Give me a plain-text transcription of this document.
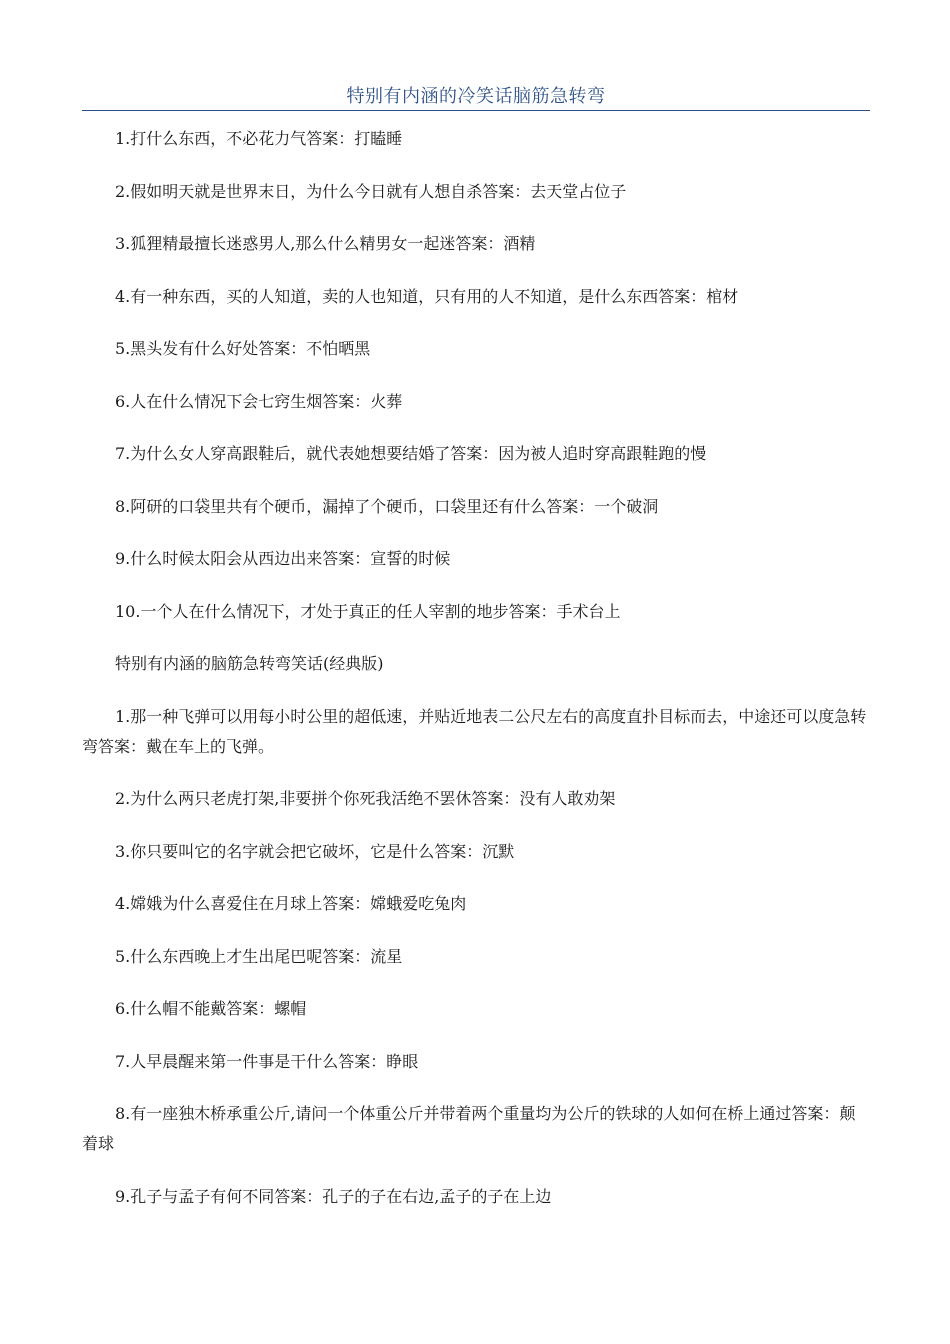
特别有内涵的冷笑话脑筋急转弯

1.打什么东西，不必花力气答案：打瞌睡

2.假如明天就是世界末日，为什么今日就有人想自杀答案：去天堂占位子

3.狐狸精最擅长迷惑男人,那么什么精男女一起迷答案：酒精

4.有一种东西，买的人知道，卖的人也知道，只有用的人不知道，是什么东西答案：棺材

5.黑头发有什么好处答案：不怕晒黑

6.人在什么情况下会七窍生烟答案：火葬

7.为什么女人穿高跟鞋后，就代表她想要结婚了答案：因为被人追时穿高跟鞋跑的慢

8.阿研的口袋里共有个硬币，漏掉了个硬币，口袋里还有什么答案：一个破洞

9.什么时候太阳会从西边出来答案：宣誓的时候

10.一个人在什么情况下，才处于真正的任人宰割的地步答案：手术台上

特别有内涵的脑筋急转弯笑话(经典版)

1.那一种飞弹可以用每小时公里的超低速，并贴近地表二公尺左右的高度直扑目标而去，中途还可以度急转弯答案：戴在车上的飞弹。

2.为什么两只老虎打架,非要拼个你死我活绝不罢休答案：没有人敢劝架

3.你只要叫它的名字就会把它破坏，它是什么答案：沉默

4.嫦娥为什么喜爱住在月球上答案：嫦蛾爱吃兔肉

5.什么东西晚上才生出尾巴呢答案：流星

6.什么帽不能戴答案：螺帽

7.人早晨醒来第一件事是干什么答案：睁眼

8.有一座独木桥承重公斤,请问一个体重公斤并带着两个重量均为公斤的铁球的人如何在桥上通过答案：颠着球

9.孔子与孟子有何不同答案：孔子的子在右边,孟子的子在上边
